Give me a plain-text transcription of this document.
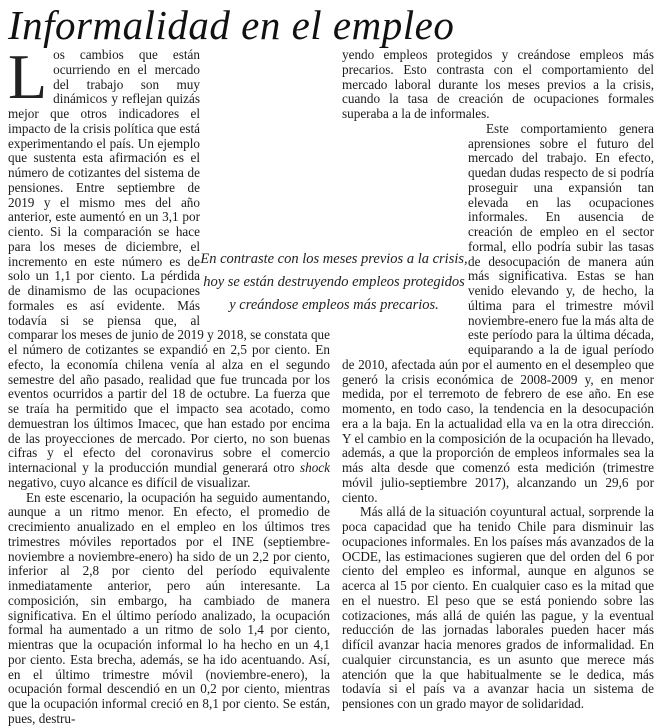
Informalidad en el empleo

L os cambios que están ocurriendo en el mercado del trabajo son muy dinámicos y reflejan quizás mejor que otros indicadores el impacto de la crisis política que está experimentando el país. Un ejemplo que sustenta esta afirmación es el número de cotizantes del sistema de pensiones. Entre septiembre de 2019 y el mismo mes del año anterior, este aumentó en un 3,1 por ciento. Si la comparación se hace para los meses de diciembre, el incremento en este número es de solo un 1,1 por ciento. La pérdida de dinamismo de las ocupaciones formales es así evidente. Más todavía si se piensa que, al comparar los meses de junio de 2019 y 2018, se constata que el número de cotizantes se expandió en 2,5 por ciento. En efecto, la economía chilena venía al alza en el segundo semestre del año pasado, realidad que fue truncada por los eventos ocurridos a partir del 18 de octubre. La fuerza que se traía ha permitido que el impacto sea acotado, como demuestran los últimos Imacec, que han estado por encima de las proyecciones de mercado. Por cierto, no son buenas cifras y el efecto del coronavirus sobre el comercio internacional y la producción mundial generará otro shock negativo, cuyo alcance es difícil de visualizar.

En este escenario, la ocupación ha seguido aumentando, aunque a un ritmo menor. En efecto, el promedio de crecimiento anualizado en el empleo en los últimos tres trimestres móviles reportados por el INE (septiembre-noviembre a noviembre-enero) ha sido de un 2,2 por ciento, inferior al 2,8 por ciento del período equivalente inmediatamente anterior, pero aún interesante. La composición, sin embargo, ha cambiado de manera significativa. En el último período analizado, la ocupación formal ha aumentado a un ritmo de solo 1,4 por ciento, mientras que la ocupación informal lo ha hecho en un 4,1 por ciento. Esta brecha, además, se ha ido acentuando. Así, en el último trimestre móvil (noviembre-enero), la ocupación formal descendió en un 0,2 por ciento, mientras que la ocupación informal creció en 8,1 por ciento. Se están, pues, destru-

yendo empleos protegidos y creándose empleos más precarios. Esto contrasta con el comportamiento del mercado laboral durante los meses previos a la crisis, cuando la tasa de creación de ocupaciones formales superaba a la de informales.

Este comportamiento genera aprensiones sobre el futuro del mercado del trabajo. En efecto, quedan dudas respecto de si podría proseguir una expansión tan elevada en las ocupaciones informales. En ausencia de creación de empleo en el sector formal, ello podría subir las tasas de desocupación de manera aún más significativa. Estas se han venido elevando y, de hecho, la última para el trimestre móvil noviembre-enero fue la más alta de este período para la última década, equiparando a la de igual período de 2010, afectada aún por el aumento en el desempleo que generó la crisis económica de 2008-2009 y, en menor medida, por el terremoto de febrero de ese año. En ese momento, en todo caso, la tendencia en la desocupación era a la baja. En la actualidad ella va en la otra dirección. Y el cambio en la composición de la ocupación ha llevado, además, a que la proporción de empleos informales sea la más alta desde que comenzó esta medición (trimestre móvil julio-septiembre 2017), alcanzando un 29,6 por ciento.

Más allá de la situación coyuntural actual, sorprende la poca capacidad que ha tenido Chile para disminuir las ocupaciones informales. En los países más avanzados de la OCDE, las estimaciones sugieren que del orden del 6 por ciento del empleo es informal, aunque en algunos se acerca al 15 por ciento. En cualquier caso es la mitad que en el nuestro. El peso que se está poniendo sobre las cotizaciones, más allá de quién las pague, y la eventual reducción de las jornadas laborales pueden hacer más difícil avanzar hacia menores grados de informalidad. En cualquier circunstancia, es un asunto que merece más atención que la que habitualmente se le dedica, más todavía si el país va a avanzar hacia un sistema de pensiones con un grado mayor de solidaridad.

En contraste con los meses previos a la crisis,
hoy se están destruyendo empleos protegidos
y creándose empleos más precarios.
